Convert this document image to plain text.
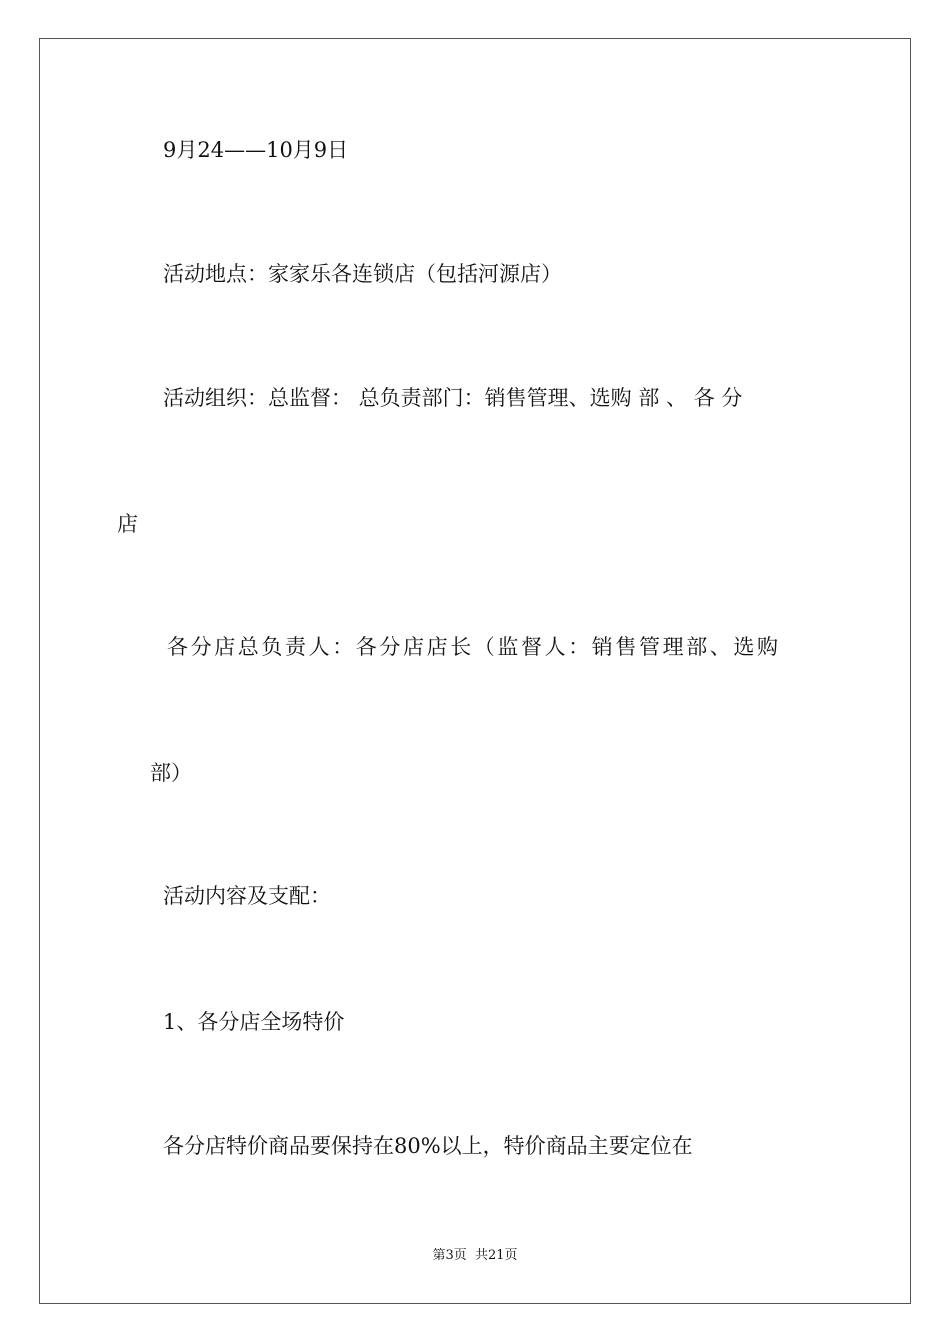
9月24——10月9日
活动地点：家家乐各连锁店（包括河源店）
活动组织：总监督： 总负责部门：销售管理、选购 部 、 各 分
店
各分店总负责人：各分店店长（监督人：销售管理部、选购
部）
活动内容及支配：
1、各分店全场特价
各分店特价商品要保持在80%以上，特价商品主要定位在
第3页  共21页
